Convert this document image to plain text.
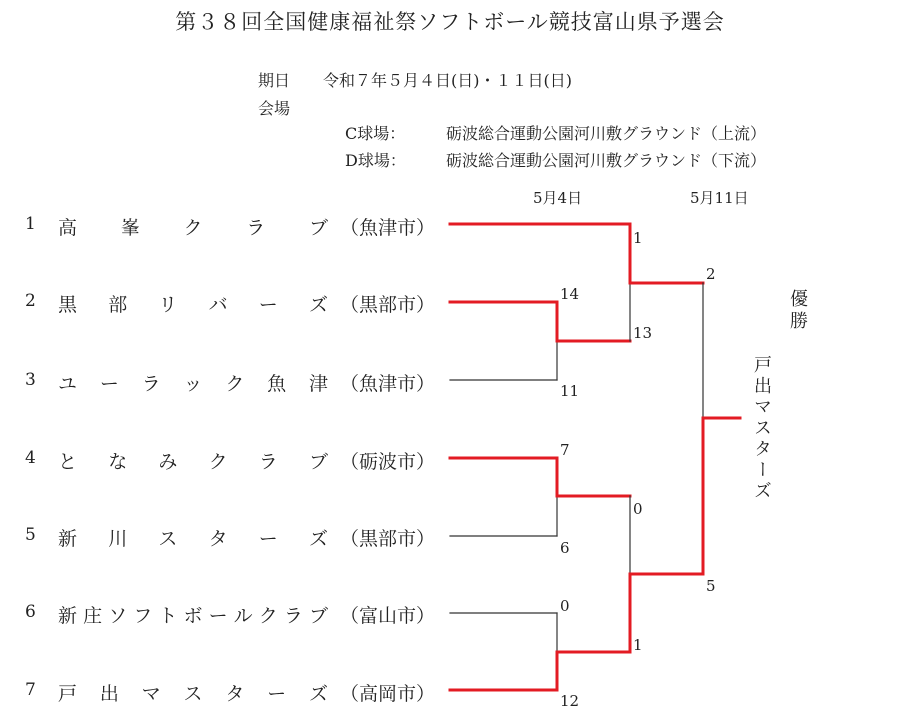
第３８回全国健康福祉祭ソフトボール競技富山県予選会
期日 令和７年５月４日(日)・１１日(日)
会場
C球場：	砺波総合運動公園河川敷グラウンド（上流）
D球場：	砺波総合運動公園河川敷グラウンド（下流）
5月4日	5月11日
1 高 峯 ク ラ ブ （魚津市）
2 黒 部 リ バ ー ズ （黒部市）
3 ユ ー ラ ッ ク 魚 津 （魚津市）
4 と な み ク ラ ブ （砺波市）
5 新 川 ス タ ー ズ （黒部市）
6 新 庄 ソ フ ト ボ ー ル ク ラ ブ （富山市）
7 戸 出 マ ス タ ー ズ （高岡市）
1
14
13
11
7
0
6
0
1
12
2
5
優勝
戸出マスターズ
